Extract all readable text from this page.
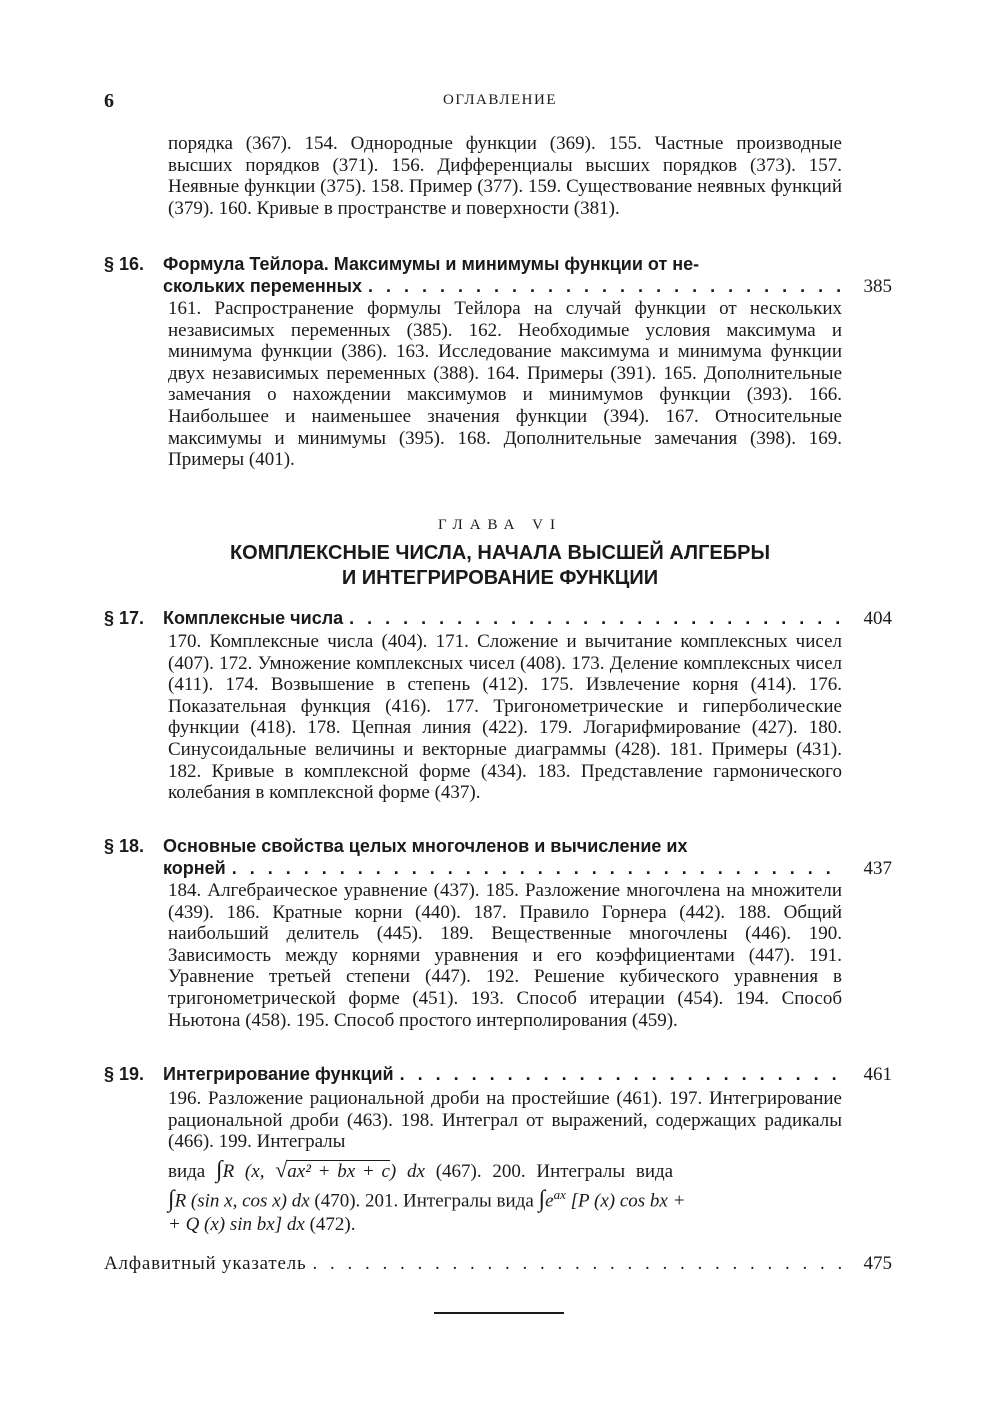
6	ОГЛАВЛЕНИЕ

порядка (367). 154. Однородные функции (369). 155. Частные производные высших порядков (371). 156. Дифференциалы высших порядков (373). 157. Неявные функции (375). 158. Пример (377). 159. Существование неявных функций (379). 160. Кривые в пространстве и поверхности (381).

§ 16. Формула Тейлора. Максимумы и минимумы функции от не-
скольких переменных . . .	385

161. Распространение формулы Тейлора на случай функции от нескольких независимых переменных (385). 162. Необходимые условия максимума и минимума функции (386). 163. Исследование максимума и минимума функции двух независимых переменных (388). 164. Примеры (391). 165. Дополнительные замечания о нахождении максимумов и минимумов функции (393). 166. Наибольшее и наименьшее значения функции (394). 167. Относительные максимумы и минимумы (395). 168. Дополнительные замечания (398). 169. Примеры (401).

ГЛАВА VI
КОМПЛЕКСНЫЕ ЧИСЛА, НАЧАЛА ВЫСШЕЙ АЛГЕБРЫ
И ИНТЕГРИРОВАНИЕ ФУНКЦИИ
§ 17. Комплексные числа . . .	404

170. Комплексные числа (404). 171. Сложение и вычитание комплексных чисел (407). 172. Умножение комплексных чисел (408). 173. Деление комплексных чисел (411). 174. Возвышение в степень (412). 175. Извлечение корня (414). 176. Показательная функция (416). 177. Тригонометрические и гиперболические функции (418). 178. Цепная линия (422). 179. Логарифмирование (427). 180. Синусоидальные величины и векторные диаграммы (428). 181. Примеры (431). 182. Кривые в комплексной форме (434). 183. Представление гармонического колебания в комплексной форме (437).

§ 18. Основные свойства целых многочленов и вычисление их
корней . . .	437

184. Алгебраическое уравнение (437). 185. Разложение многочлена на множители (439). 186. Кратные корни (440). 187. Правило Горнера (442). 188. Общий наибольший делитель (445). 189. Вещественные многочлены (446). 190. Зависимость между корнями уравнения и его коэффициентами (447). 191. Уравнение третьей степени (447). 192. Решение кубического уравнения в тригонометрической форме (451). 193. Способ итерации (454). 194. Способ Ньютона (458). 195. Способ простого интерполирования (459).

§ 19. Интегрирование функций . . .	461

196. Разложение рациональной дроби на простейшие (461). 197. Интегрирование рациональной дроби (463). 198. Интеграл от выражений, содержащих радикалы (466). 199. Интегралы

вида ∫R (x, √ax² + bx + c) dx (467). 200. Интегралы вида

∫R (sin x, cos x) dx (470). 201. Интегралы вида $\int e^{ax}$ [P (x) cos bx +

+ Q (x) sin bx] dx (472).

Алфавитный указатель . . .	475
